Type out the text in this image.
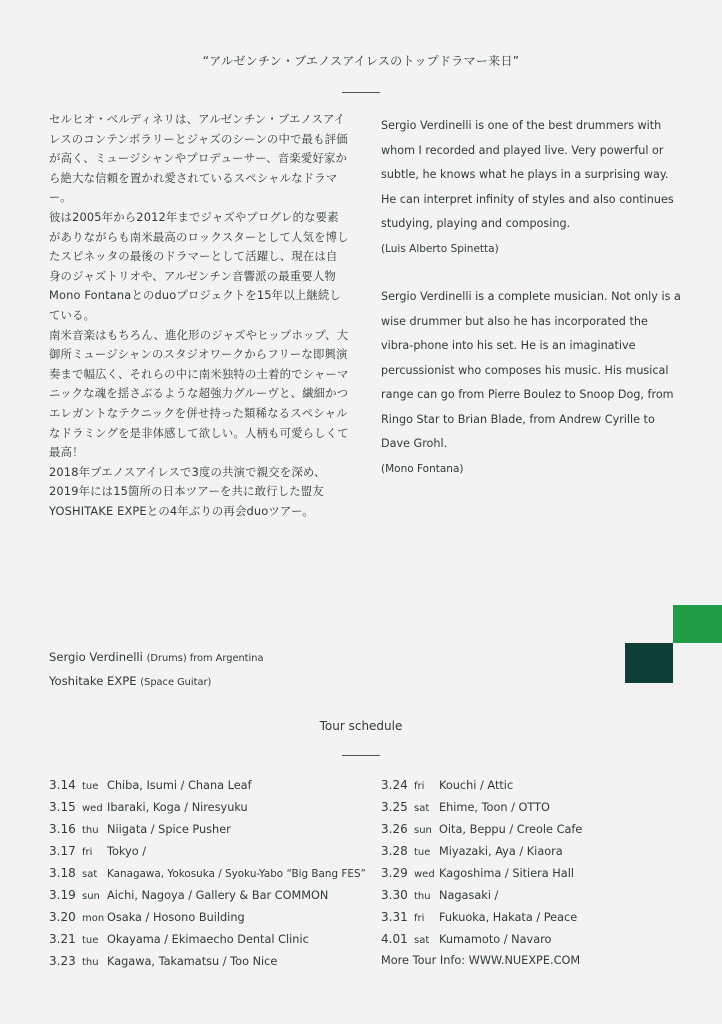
“アルゼンチン・ブエノスアイレスのトップドラマー来日”

セルヒオ・ベルディネリは、アルゼンチン・ブエノスアイレスのコンテンポラリーとジャズのシーンの中で最も評価が高く、ミュージシャンやプロデューサー、音楽愛好家から絶大な信頼を置かれ愛されているスペシャルなドラマー。

彼は2005年から2012年までジャズやプログレ的な要素がありながらも南米最高のロックスターとして人気を博したスピネッタの最後のドラマーとして活躍し、現在は自身のジャズトリオや、アルゼンチン音響派の最重要人物Mono Fontanaとのduoプロジェクトを15年以上継続している。

南米音楽はもちろん、進化形のジャズやヒップホップ、大御所ミュージシャンのスタジオワークからフリーな即興演奏まで幅広く、それらの中に南米独特の土着的でシャーマニックな魂を揺さぶるような超強力グルーヴと、繊細かつエレガントなテクニックを併せ持った類稀なるスペシャルなドラミングを是非体感して欲しい。人柄も可愛らしくて最高！

2018年ブエノスアイレスで3度の共演で親交を深め、2019年には15箇所の日本ツアーを共に敢行した盟友YOSHITAKE EXPEとの4年ぶりの再会duoツアー。

Sergio Verdinelli is one of the best drummers with whom I recorded and played live. Very powerful or subtle, he knows what he plays in a surprising way. He can interpret infinity of styles and also continues studying, playing and composing.

(Luis Alberto Spinetta)

Sergio Verdinelli is a complete musician. Not only is a wise drummer but also he has incorporated the vibra-phone into his set. He is an imaginative percussionist who composes his music. His musical range can go from Pierre Boulez to Snoop Dog, from Ringo Star to Brian Blade, from Andrew Cyrille to Dave Grohl.

(Mono Fontana)

Sergio Verdinelli (Drums) from Argentina
Yoshitake EXPE (Space Guitar)
Tour schedule
3.14 tue Chiba, Isumi / Chana Leaf
3.15 wed Ibaraki, Koga / Niresyuku
3.16 thu Niigata / Spice Pusher
3.17 fri Tokyo /
3.18 sat Kanagawa, Yokosuka / Syoku-Yabo “Big Bang FES”
3.19 sun Aichi, Nagoya / Gallery & Bar COMMON
3.20 mon Osaka / Hosono Building
3.21 tue Okayama / Ekimaecho Dental Clinic
3.23 thu Kagawa, Takamatsu / Too Nice
3.24 fri Kouchi / Attic
3.25 sat Ehime, Toon / OTTO
3.26 sun Oita, Beppu / Creole Cafe
3.28 tue Miyazaki, Aya / Kiaora
3.29 wed Kagoshima / Sitiera Hall
3.30 thu Nagasaki /
3.31 fri Fukuoka, Hakata / Peace
4.01 sat Kumamoto / Navaro
More Tour Info: WWW.NUEXPE.COM
